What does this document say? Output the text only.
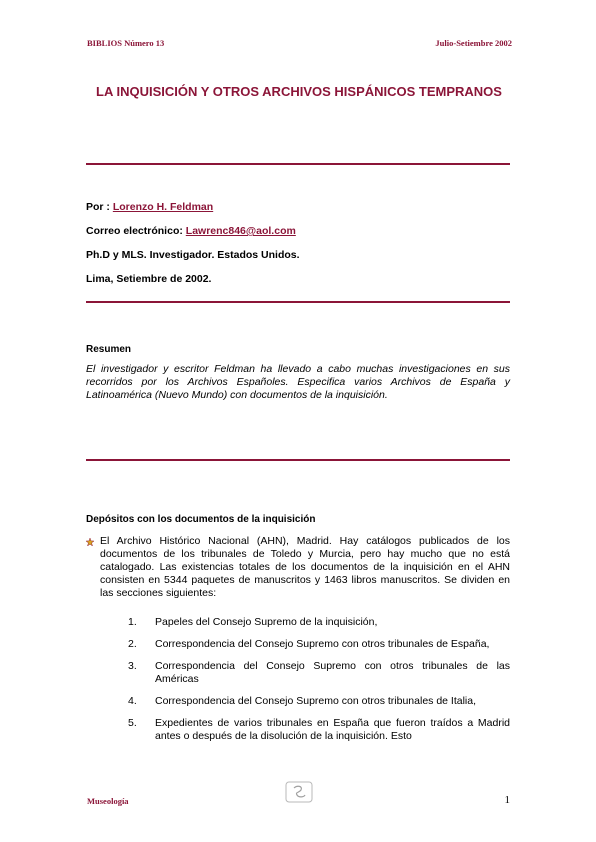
BIBLIOS Número 13	Julio-Setiembre 2002
LA INQUISICIÓN Y OTROS ARCHIVOS HISPÁNICOS TEMPRANOS
Por : Lorenzo H. Feldman
Correo electrónico: Lawrenc846@aol.com
Ph.D y MLS. Investigador. Estados Unidos.
Lima, Setiembre de 2002.
Resumen
El investigador y escritor Feldman ha llevado a cabo muchas investigaciones en sus recorridos por los Archivos Españoles. Especifica varios Archivos de España y Latinoamérica (Nuevo Mundo) con documentos de la inquisición.
Depósitos con los documentos de la inquisición
El Archivo Histórico Nacional (AHN), Madrid. Hay catálogos publicados de los documentos de los tribunales de Toledo y Murcia, pero hay mucho que no está catalogado. Las existencias totales de los documentos de la inquisición en el AHN consisten en 5344 paquetes de manuscritos y 1463 libros manuscritos. Se dividen en las secciones siguientes:
1. Papeles del Consejo Supremo de la inquisición,
2. Correspondencia del Consejo Supremo con otros tribunales de España,
3. Correspondencia del Consejo Supremo con otros tribunales de las Américas
4. Correspondencia del Consejo Supremo con otros tribunales de Italia,
5. Expedientes de varios tribunales en España que fueron traídos a Madrid antes o después de la disolución de la inquisición. Esto
Museología	1
